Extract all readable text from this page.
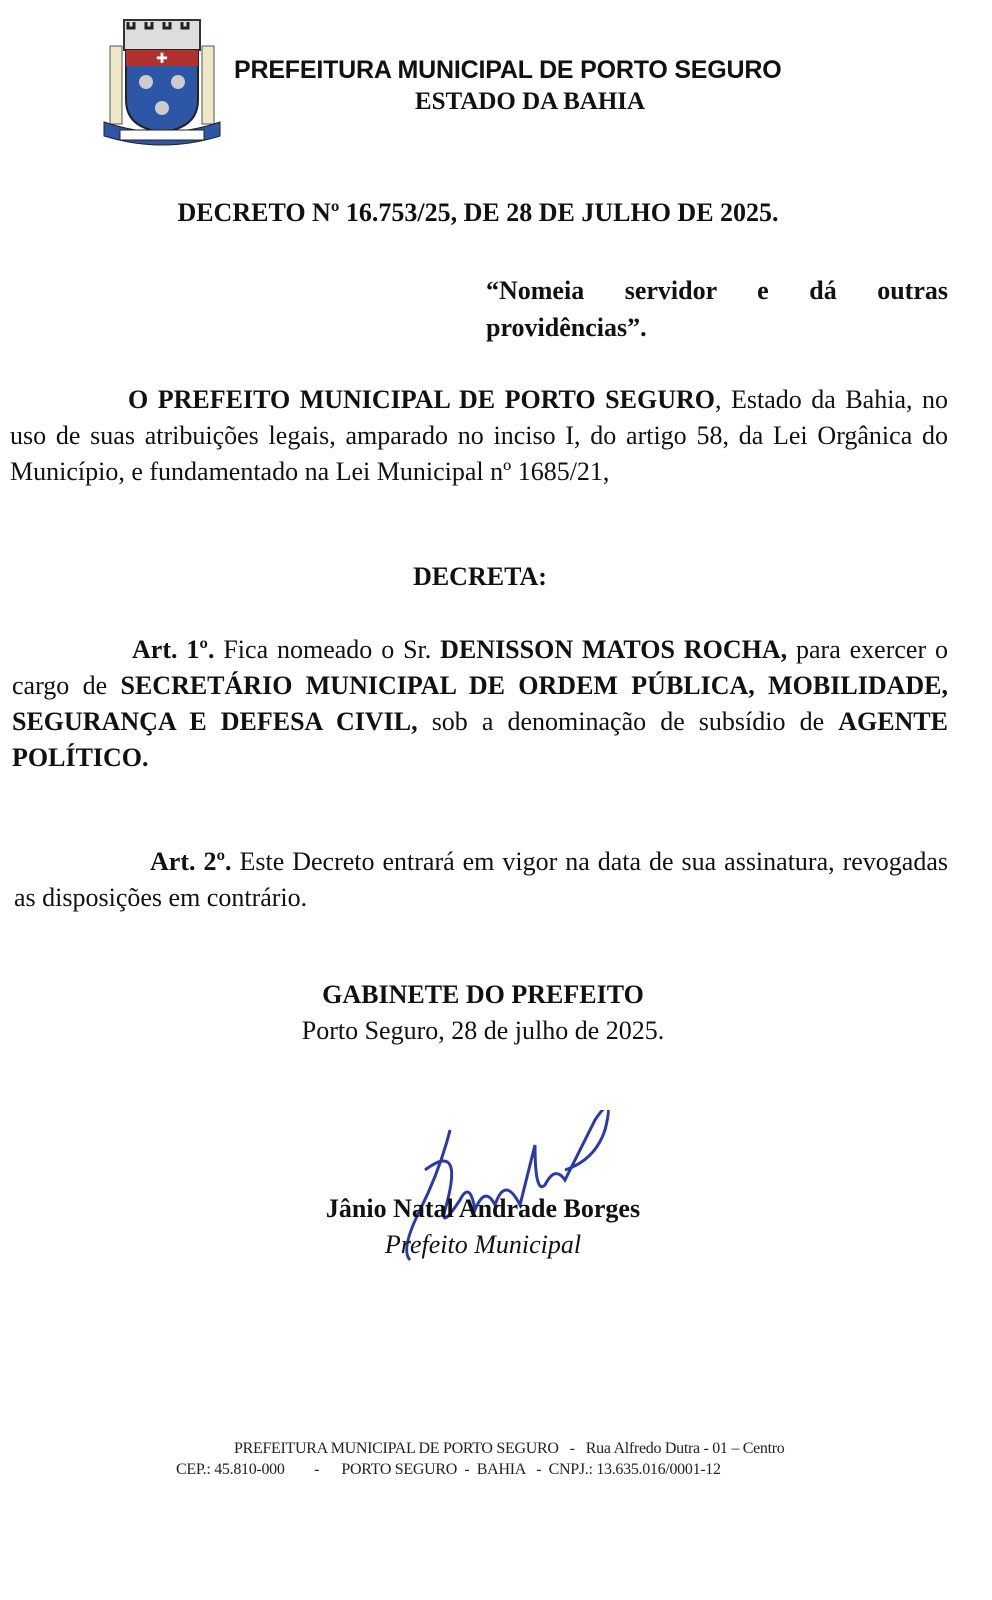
✚	PREFEITURA MUNICIPAL DE PORTO SEGURO
ESTADO DA BAHIA
DECRETO Nº 16.753/25, DE 28 DE JULHO DE 2025.
“Nomeia servidor e dá outras providências”.
O PREFEITO MUNICIPAL DE PORTO SEGURO, Estado da Bahia, no uso de suas atribuições legais, amparado no inciso I, do artigo 58, da Lei Orgânica do Município, e fundamentado na Lei Municipal nº 1685/21,
DECRETA:
Art. 1º. Fica nomeado o Sr. DENISSON MATOS ROCHA, para exercer o cargo de SECRETÁRIO MUNICIPAL DE ORDEM PÚBLICA, MOBILIDADE, SEGURANÇA E DEFESA CIVIL, sob a denominação de subsídio de AGENTE POLÍTICO.
Art. 2º. Este Decreto entrará em vigor na data de sua assinatura, revogadas as disposições em contrário.
GABINETE DO PREFEITO
Porto Seguro, 28 de julho de 2025.
Jânio Natal Andrade Borges
Prefeito Municipal
PREFEITURA MUNICIPAL DE PORTO SEGURO   -   Rua Alfredo Dutra - 01 – Centro
CEP.: 45.810-000        -      PORTO SEGURO  -  BAHIA   -  CNPJ.: 13.635.016/0001-12
